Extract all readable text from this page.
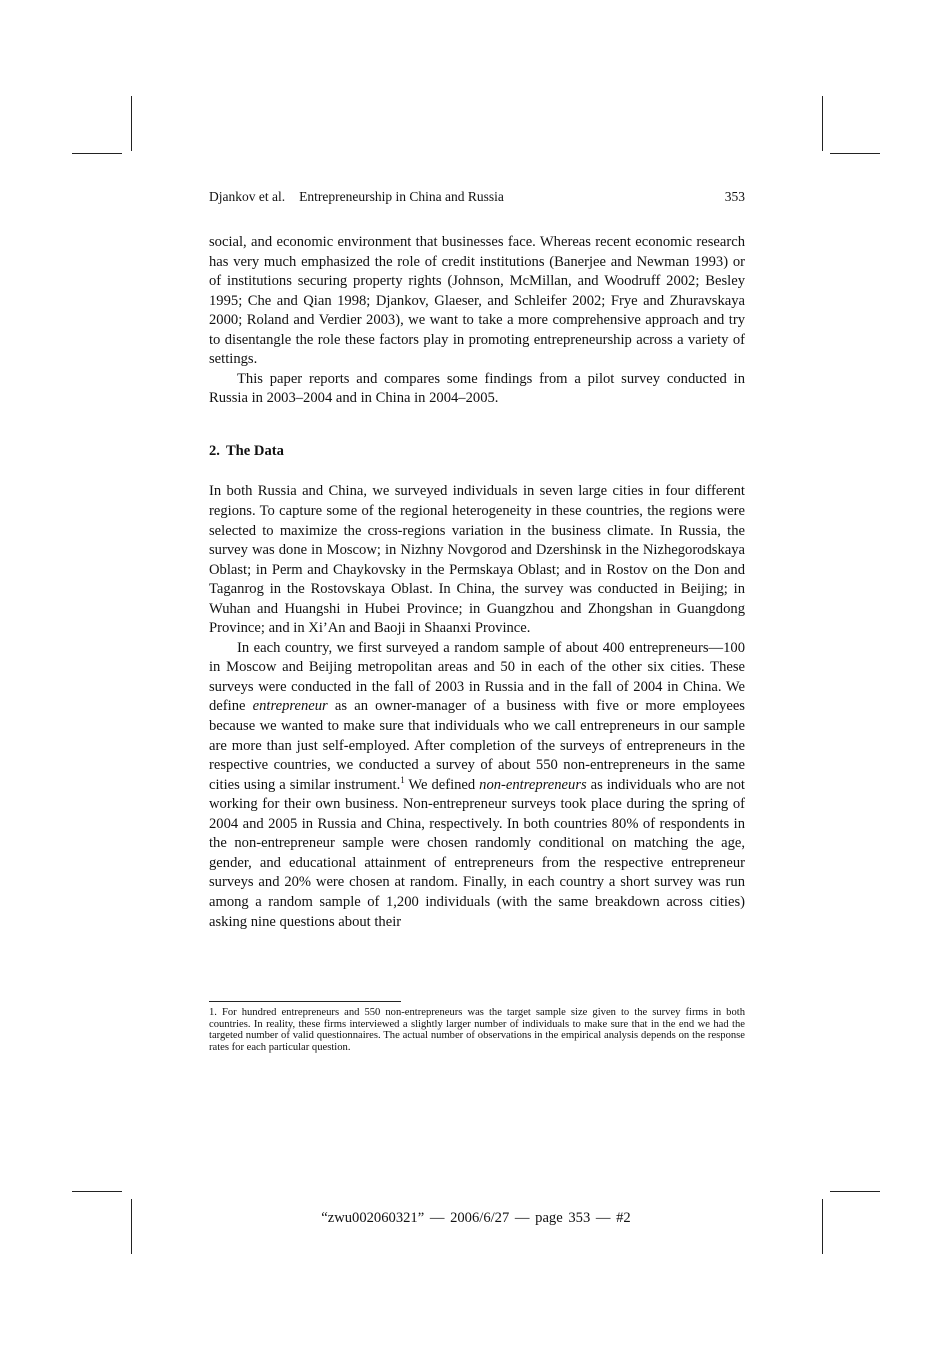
Djankov et al. Entrepreneurship in China and Russia	353

social, and economic environment that businesses face. Whereas recent economic research has very much emphasized the role of credit institutions (Banerjee and Newman 1993) or of institutions securing property rights (Johnson, McMillan, and Woodruff 2002; Besley 1995; Che and Qian 1998; Djankov, Glaeser, and Schleifer 2002; Frye and Zhuravskaya 2000; Roland and Verdier 2003), we want to take a more comprehensive approach and try to disentangle the role these factors play in promoting entrepreneurship across a variety of settings.

This paper reports and compares some findings from a pilot survey conducted in Russia in 2003–2004 and in China in 2004–2005.

2. The Data

In both Russia and China, we surveyed individuals in seven large cities in four different regions. To capture some of the regional heterogeneity in these countries, the regions were selected to maximize the cross-regions variation in the business climate. In Russia, the survey was done in Moscow; in Nizhny Novgorod and Dzershinsk in the Nizhegorodskaya Oblast; in Perm and Chaykovsky in the Permskaya Oblast; and in Rostov on the Don and Taganrog in the Rostovskaya Oblast. In China, the survey was conducted in Beijing; in Wuhan and Huangshi in Hubei Province; in Guangzhou and Zhongshan in Guangdong Province; and in Xi’An and Baoji in Shaanxi Province.

In each country, we first surveyed a random sample of about 400 entrepreneurs—100 in Moscow and Beijing metropolitan areas and 50 in each of the other six cities. These surveys were conducted in the fall of 2003 in Russia and in the fall of 2004 in China. We define entrepreneur as an owner-manager of a business with five or more employees because we wanted to make sure that individuals who we call entrepreneurs in our sample are more than just self-employed. After completion of the surveys of entrepreneurs in the respective countries, we conducted a survey of about 550 non-entrepreneurs in the same cities using a similar instrument.$^1$ We defined non-entrepreneurs as individuals who are not working for their own business. Non-entrepreneur surveys took place during the spring of 2004 and 2005 in Russia and China, respectively. In both countries 80% of respondents in the non-entrepreneur sample were chosen randomly conditional on matching the age, gender, and educational attainment of entrepreneurs from the respective entrepreneur surveys and 20% were chosen at random. Finally, in each country a short survey was run among a random sample of 1,200 individuals (with the same breakdown across cities) asking nine questions about their

1. For hundred entrepreneurs and 550 non-entrepreneurs was the target sample size given to the survey firms in both countries. In reality, these firms interviewed a slightly larger number of individuals to make sure that in the end we had the targeted number of valid questionnaires. The actual number of observations in the empirical analysis depends on the response rates for each particular question.
“zwu002060321” — 2006/6/27 — page 353 — #2
